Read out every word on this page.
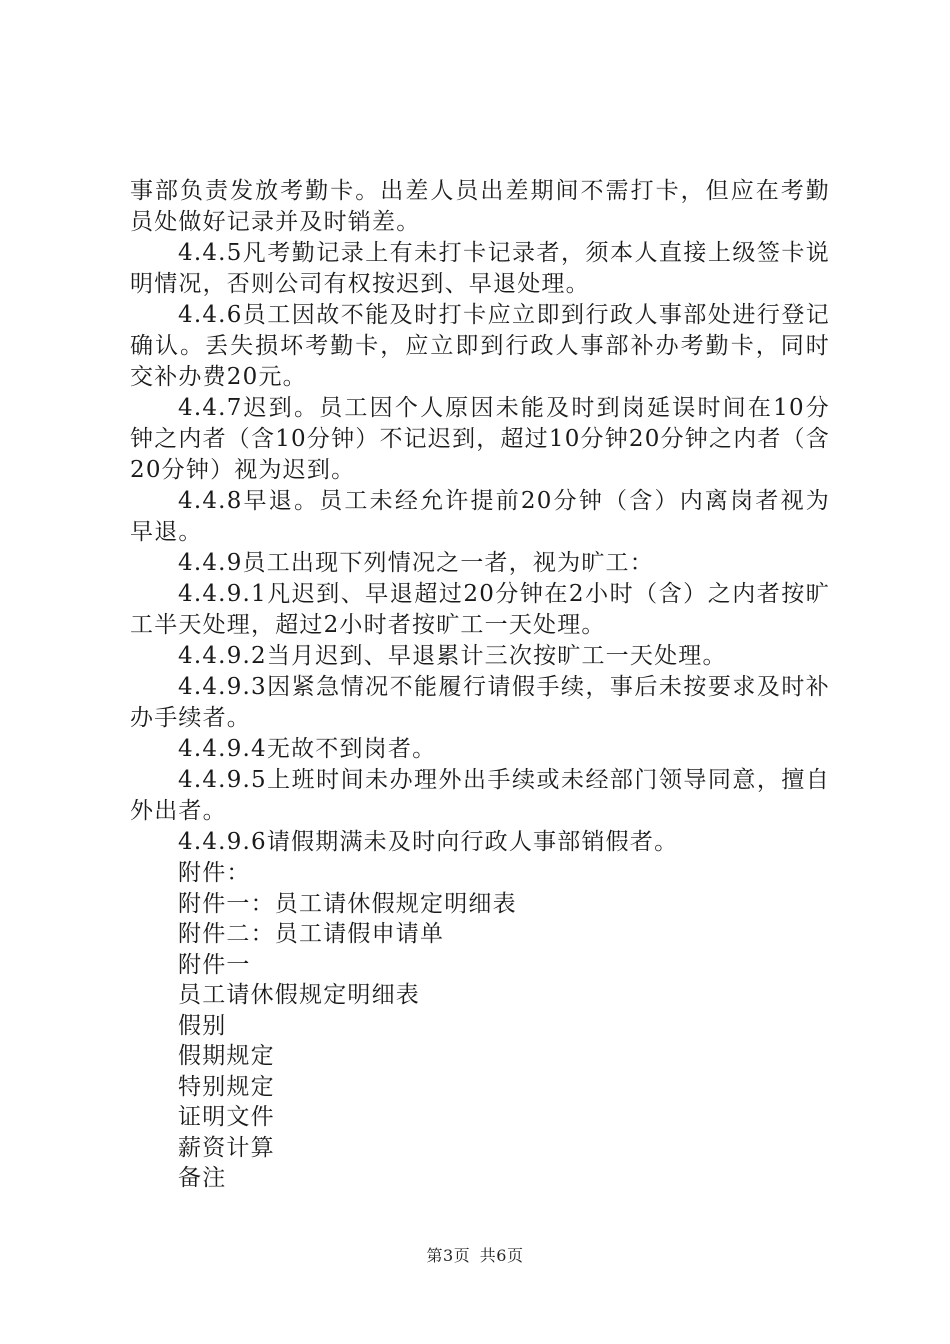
事部负责发放考勤卡。出差人员出差期间不需打卡，但应在考勤员处做好记录并及时销差。

4.4.5凡考勤记录上有未打卡记录者，须本人直接上级签卡说明情况，否则公司有权按迟到、早退处理。

4.4.6员工因故不能及时打卡应立即到行政人事部处进行登记确认。丢失损坏考勤卡，应立即到行政人事部补办考勤卡，同时交补办费20元。

4.4.7迟到。员工因个人原因未能及时到岗延误时间在10分钟之内者（含10分钟）不记迟到，超过10分钟20分钟之内者（含20分钟）视为迟到。

4.4.8早退。员工未经允许提前20分钟（含）内离岗者视为早退。

4.4.9员工出现下列情况之一者，视为旷工：

4.4.9.1凡迟到、早退超过20分钟在2小时（含）之内者按旷工半天处理，超过2小时者按旷工一天处理。

4.4.9.2当月迟到、早退累计三次按旷工一天处理。

4.4.9.3因紧急情况不能履行请假手续，事后未按要求及时补办手续者。

4.4.9.4无故不到岗者。

4.4.9.5上班时间未办理外出手续或未经部门领导同意，擅自外出者。

4.4.9.6请假期满未及时向行政人事部销假者。

附件：

附件一：员工请休假规定明细表

附件二：员工请假申请单

附件一

员工请休假规定明细表

假别

假期规定

特别规定

证明文件

薪资计算

备注

第3页 共6页
